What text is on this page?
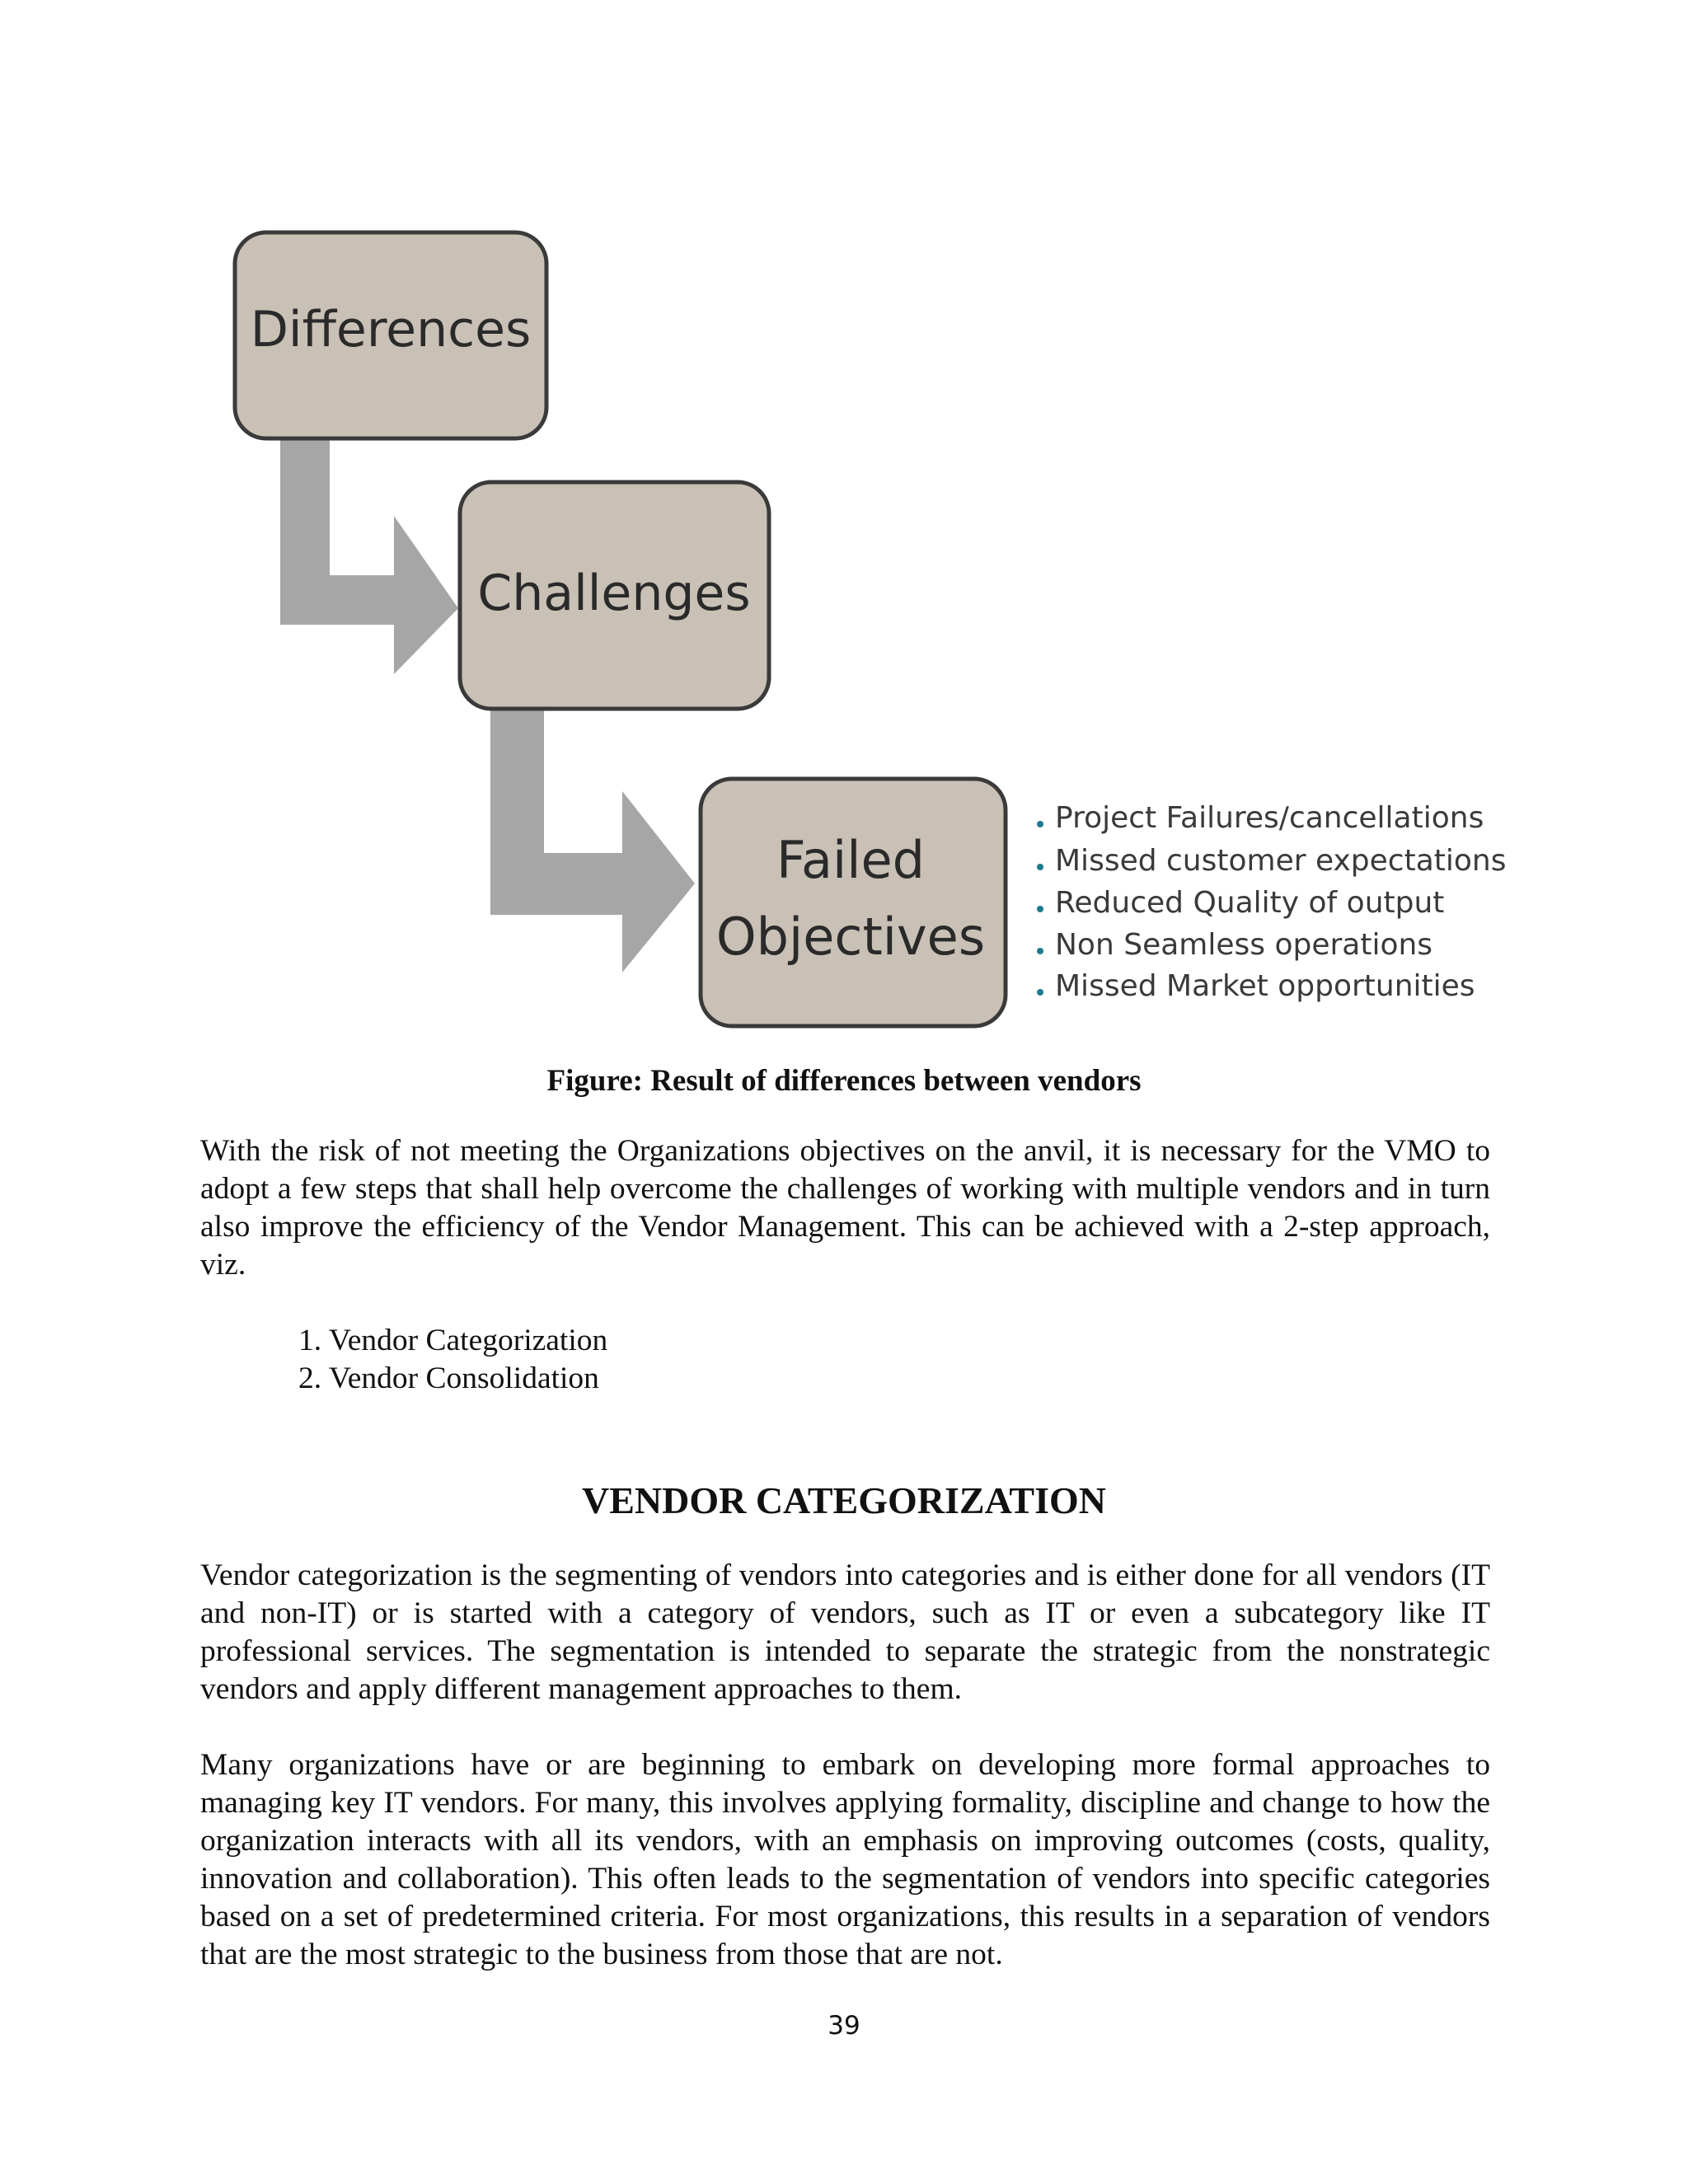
Differences
Challenges
Failed
Objectives
Project Failures/cancellations
Missed customer expectations
Reduced Quality of output
Non Seamless operations
Missed Market opportunities
Figure: Result of differences between vendors
With the risk of not meeting the Organizations objectives on the anvil, it is necessary for the VMO to adopt a few steps that shall help overcome the challenges of working with multiple vendors and in turn also improve the efficiency of the Vendor Management. This can be achieved with a 2-step approach, viz.
1. Vendor Categorization
2. Vendor Consolidation
VENDOR CATEGORIZATION
Vendor categorization is the segmenting of vendors into categories and is either done for all vendors (IT and non-IT) or is started with a category of vendors, such as IT or even a subcategory like IT professional services. The segmentation is intended to separate the strategic from the nonstrategic vendors and apply different management approaches to them.
Many organizations have or are beginning to embark on developing more formal approaches to managing key IT vendors. For many, this involves applying formality, discipline and change to how the organization interacts with all its vendors, with an emphasis on improving outcomes (costs, quality, innovation and collaboration). This often leads to the segmentation of vendors into specific categories based on a set of predetermined criteria. For most organizations, this results in a separation of vendors that are the most strategic to the business from those that are not.
39
